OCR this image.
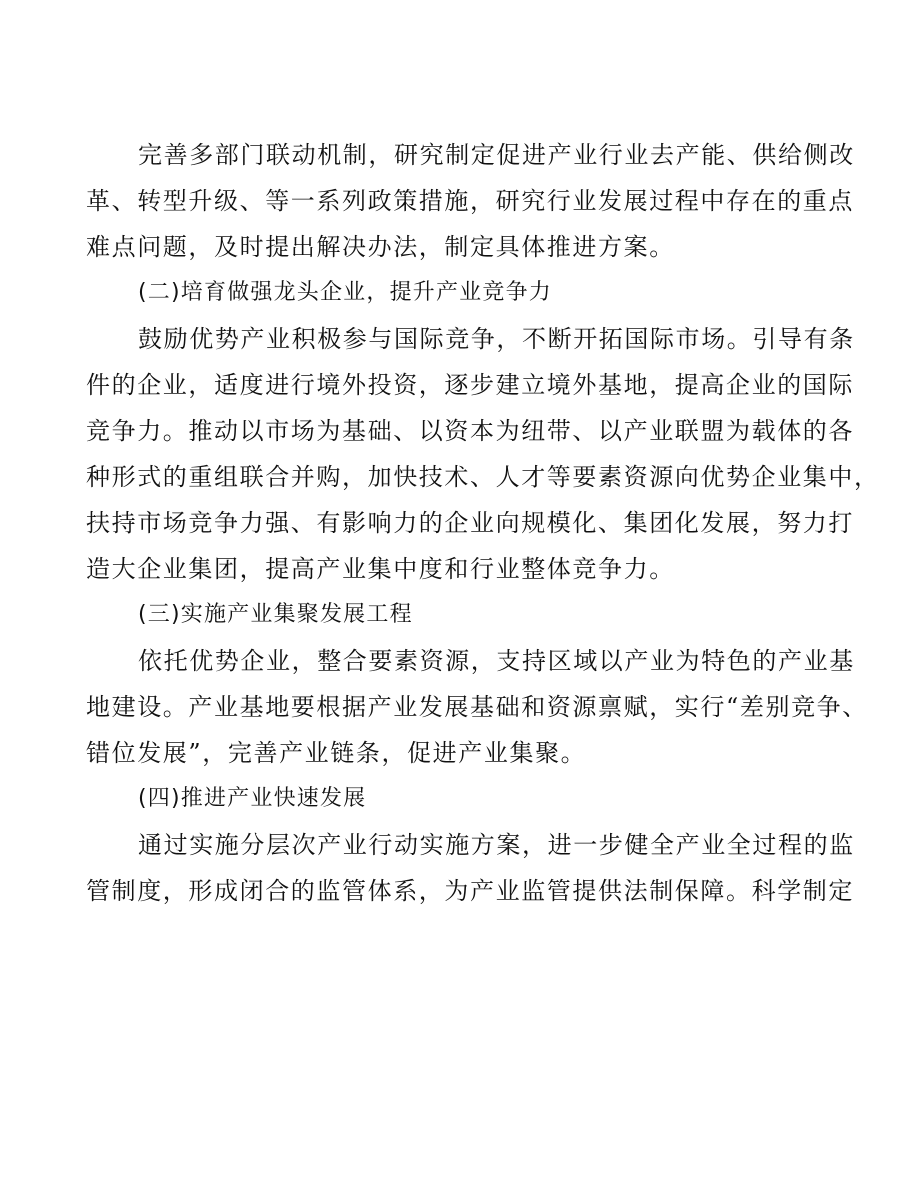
完善多部门联动机制，研究制定促进产业行业去产能、供给侧改
革、转型升级、等一系列政策措施，研究行业发展过程中存在的重点
难点问题，及时提出解决办法，制定具体推进方案。
(二)培育做强龙头企业，提升产业竞争力
鼓励优势产业积极参与国际竞争，不断开拓国际市场。引导有条
件的企业，适度进行境外投资，逐步建立境外基地，提高企业的国际
竞争力。推动以市场为基础、以资本为纽带、以产业联盟为载体的各
种形式的重组联合并购，加快技术、人才等要素资源向优势企业集中，
扶持市场竞争力强、有影响力的企业向规模化、集团化发展，努力打
造大企业集团，提高产业集中度和行业整体竞争力。
(三)实施产业集聚发展工程
依托优势企业，整合要素资源，支持区域以产业为特色的产业基
地建设。产业基地要根据产业发展基础和资源禀赋，实行“差别竞争、
错位发展”，完善产业链条，促进产业集聚。
(四)推进产业快速发展
通过实施分层次产业行动实施方案，进一步健全产业全过程的监
管制度，形成闭合的监管体系，为产业监管提供法制保障。科学制定
